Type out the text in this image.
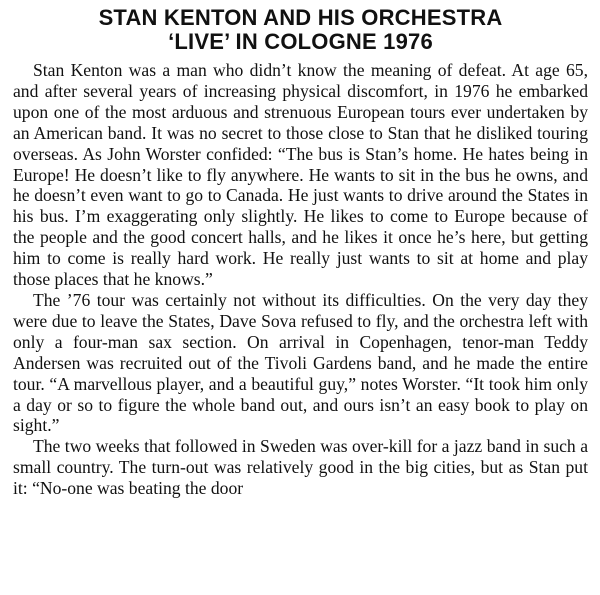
STAN KENTON AND HIS ORCHESTRA
‘LIVE’ IN COLOGNE 1976

Stan Kenton was a man who didn’t know the meaning of defeat. At age 65, and after several years of increasing physical discomfort, in 1976 he embarked upon one of the most arduous and strenuous European tours ever undertaken by an American band. It was no secret to those close to Stan that he disliked touring overseas. As John Worster confided: “The bus is Stan’s home. He hates being in Europe! He doesn’t like to fly anywhere. He wants to sit in the bus he owns, and he doesn’t even want to go to Canada. He just wants to drive around the States in his bus. I’m exaggerating only slightly. He likes to come to Europe because of the people and the good concert halls, and he likes it once he’s here, but getting him to come is really hard work. He really just wants to sit at home and play those places that he knows.”

The ’76 tour was certainly not without its difficulties. On the very day they were due to leave the States, Dave Sova refused to fly, and the orchestra left with only a four-man sax section. On arrival in Copenhagen, tenor-man Teddy Andersen was recruited out of the Tivoli Gardens band, and he made the entire tour. “A marvellous player, and a beautiful guy,” notes Worster. “It took him only a day or so to figure the whole band out, and ours isn’t an easy book to play on sight.”

The two weeks that followed in Sweden was over-kill for a jazz band in such a small country. The turn-out was relatively good in the big cities, but as Stan put it: “No-one was beating the door
